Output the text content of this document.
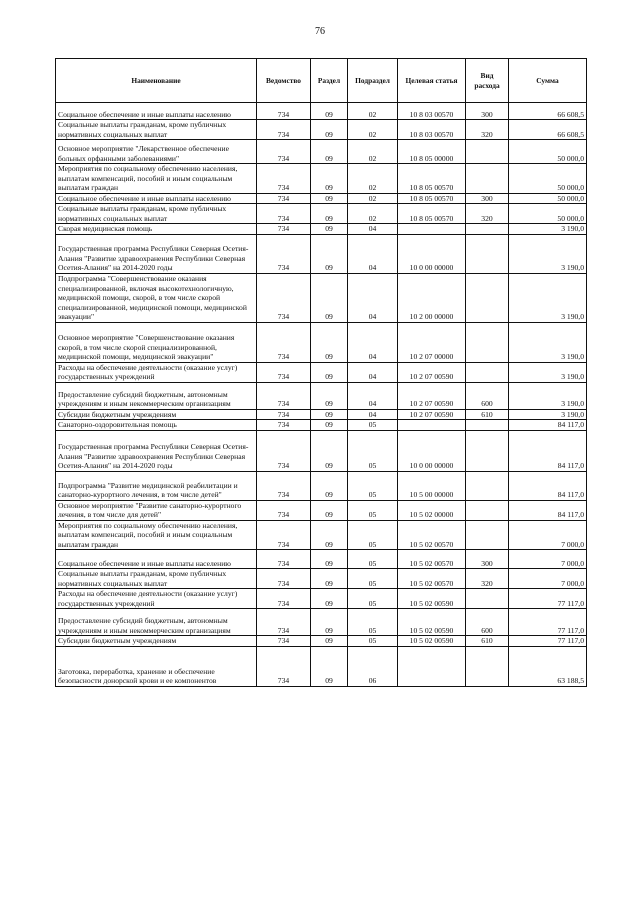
76
Наименование	Ведомство	Раздел	Подраздел	Целевая статья	Вид расхода	Сумма
Социальное обеспечение и иные выплаты населению	734	09	02	10 8 03 00570	300	66 608,5
Социальные выплаты гражданам, кроме публичных нормативных социальных выплат	734	09	02	10 8 03 00570	320	66 608,5
Основное мероприятие "Лекарственное обеспечение больных орфанными заболеваниями"	734	09	02	10 8 05 00000		50 000,0
Мероприятия по социальному обеспечению населения, выплатам компенсаций, пособий и иным социальным выплатам граждан	734	09	02	10 8 05 00570		50 000,0
Социальное обеспечение и иные выплаты населению	734	09	02	10 8 05 00570	300	50 000,0
Социальные выплаты гражданам, кроме публичных нормативных социальных выплат	734	09	02	10 8 05 00570	320	50 000,0
Скорая медицинская помощь	734	09	04			3 190,0
Государственная программа Республики Северная Осетия-Алания "Развитие здравоохранения Республики Северная Осетия-Алания" на 2014-2020 годы	734	09	04	10 0 00 00000		3 190,0
Подпрограмма "Совершенствование оказания специализированной, включая высокотехнологичную, медицинской помощи, скорой, в том числе скорой специализированной, медицинской помощи, медицинской эвакуации"	734	09	04	10 2 00 00000		3 190,0
Основное мероприятие "Совершенствование оказания скорой, в том числе скорой специализированной, медицинской помощи, медицинской эвакуации"	734	09	04	10 2 07 00000		3 190,0
Расходы на обеспечение деятельности (оказание услуг) государственных учреждений	734	09	04	10 2 07 00590		3 190,0
Предоставление субсидий бюджетным, автономным учреждениям и иным некоммерческим организациям	734	09	04	10 2 07 00590	600	3 190,0
Субсидии бюджетным учреждениям	734	09	04	10 2 07 00590	610	3 190,0
Санаторно-оздоровительная помощь	734	09	05			84 117,0
Государственная программа Республики Северная Осетия-Алания "Развитие здравоохранения Республики Северная Осетия-Алания" на 2014-2020 годы	734	09	05	10 0 00 00000		84 117,0
Подпрограмма "Развитие медицинской реабилитации и санаторно-курортного лечения, в том числе детей"	734	09	05	10 5 00 00000		84 117,0
Основное мероприятие "Развитие санаторно-курортного лечения, в том числе для детей"	734	09	05	10 5 02 00000		84 117,0
Мероприятия по социальному обеспечению населения, выплатам компенсаций, пособий и иным социальным выплатам граждан	734	09	05	10 5 02 00570		7 000,0
Социальное обеспечение и иные выплаты населению	734	09	05	10 5 02 00570	300	7 000,0
Социальные выплаты гражданам, кроме публичных нормативных социальных выплат	734	09	05	10 5 02 00570	320	7 000,0
Расходы на обеспечение деятельности (оказание услуг) государственных учреждений	734	09	05	10 5 02 00590		77 117,0
Предоставление субсидий бюджетным, автономным учреждениям и иным некоммерческим организациям	734	09	05	10 5 02 00590	600	77 117,0
Субсидии бюджетным учреждениям	734	09	05	10 5 02 00590	610	77 117,0
Заготовка, переработка, хранение и обеспечение безопасности донорской крови и ее компонентов	734	09	06			63 188,5
